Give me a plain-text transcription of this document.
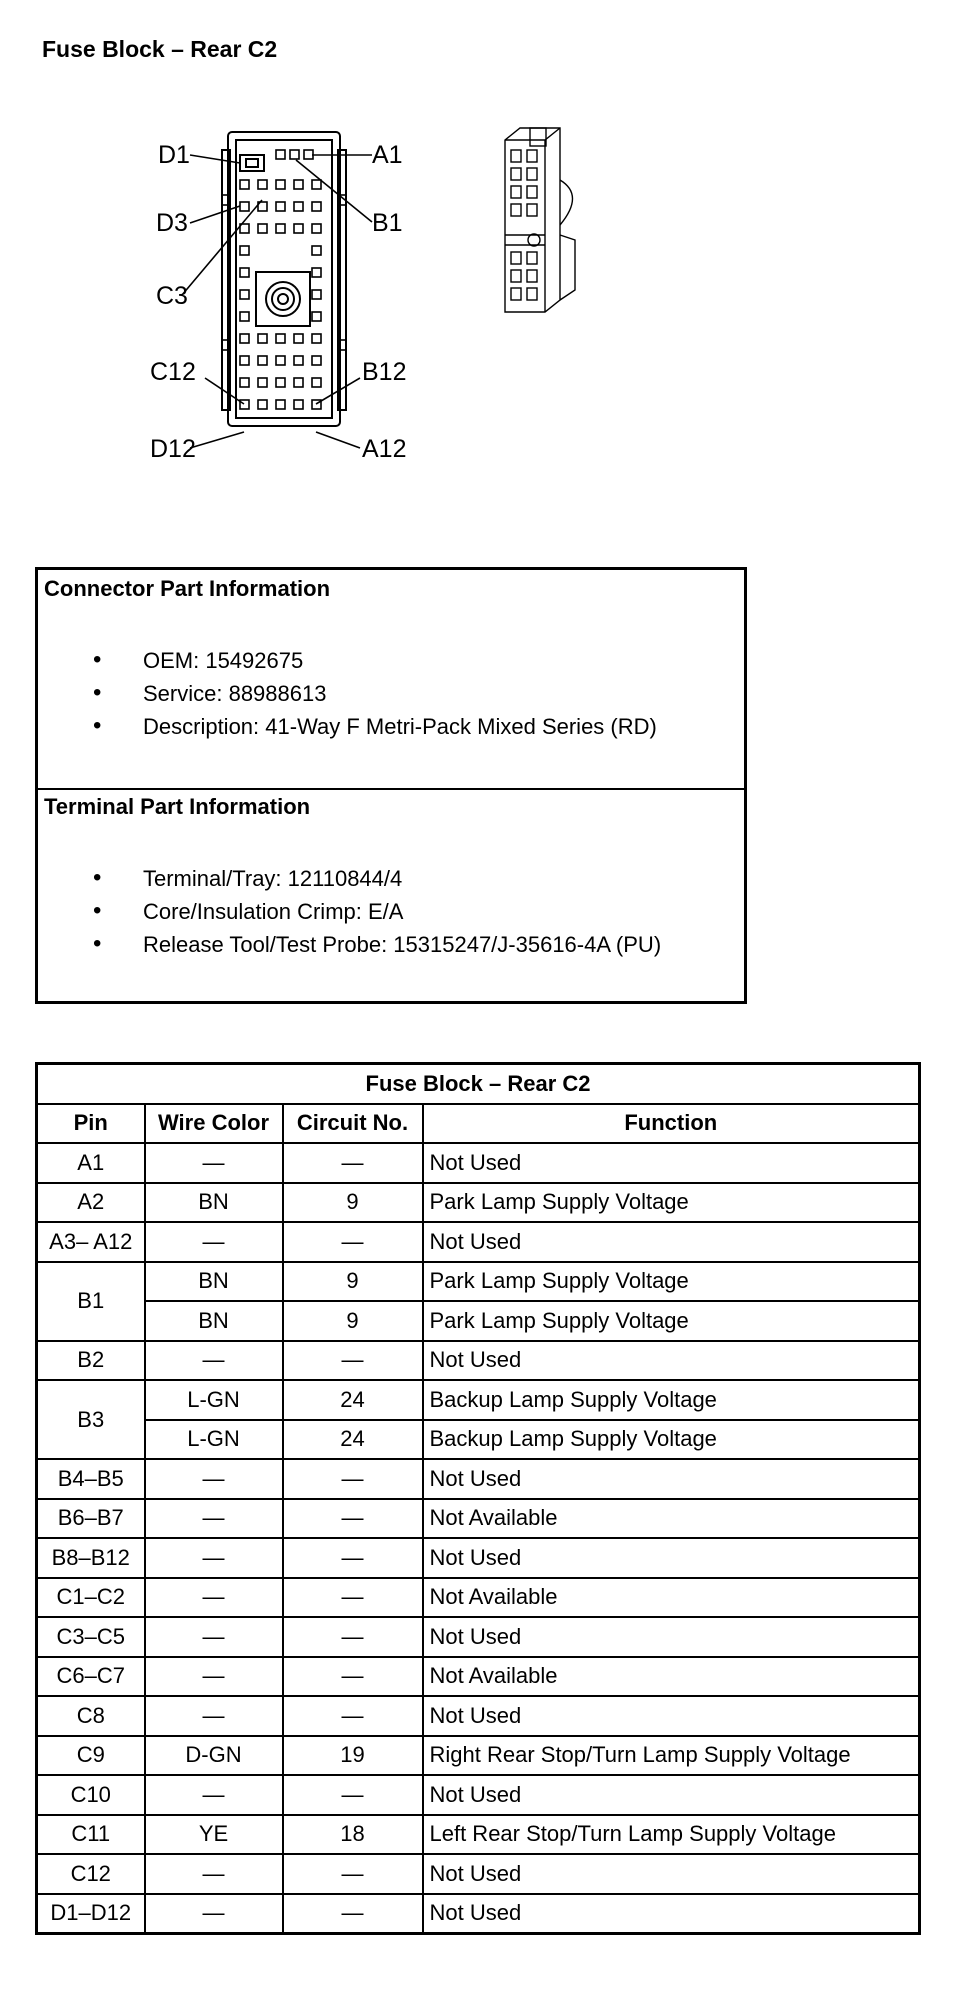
Fuse Block – Rear C2
D1	A1
D3	B1
C3
C12	B12
D12	A12
Connector Part Information
• OEM: 15492675
• Service: 88988613
• Description: 41-Way F Metri-Pack Mixed Series (RD)
Terminal Part Information
• Terminal/Tray: 12110844/4
• Core/Insulation Crimp: E/A
• Release Tool/Test Probe: 15315247/J-35616-4A (PU)
Fuse Block – Rear C2			
Pin	Wire Color	Circuit No.	Function
A1	—	—	Not Used
A2	BN	9	Park Lamp Supply Voltage
A3– A12	—	—	Not Used
B1	BN	9	Park Lamp Supply Voltage
	BN	9	Park Lamp Supply Voltage
B2	—	—	Not Used
B3	L-GN	24	Backup Lamp Supply Voltage
	L-GN	24	Backup Lamp Supply Voltage
B4–B5	—	—	Not Used
B6–B7	—	—	Not Available
B8–B12	—	—	Not Used
C1–C2	—	—	Not Available
C3–C5	—	—	Not Used
C6–C7	—	—	Not Available
C8	—	—	Not Used
C9	D-GN	19	Right Rear Stop/Turn Lamp Supply Voltage
C10	—	—	Not Used
C11	YE	18	Left Rear Stop/Turn Lamp Supply Voltage
C12	—	—	Not Used
D1–D12	—	—	Not Used
